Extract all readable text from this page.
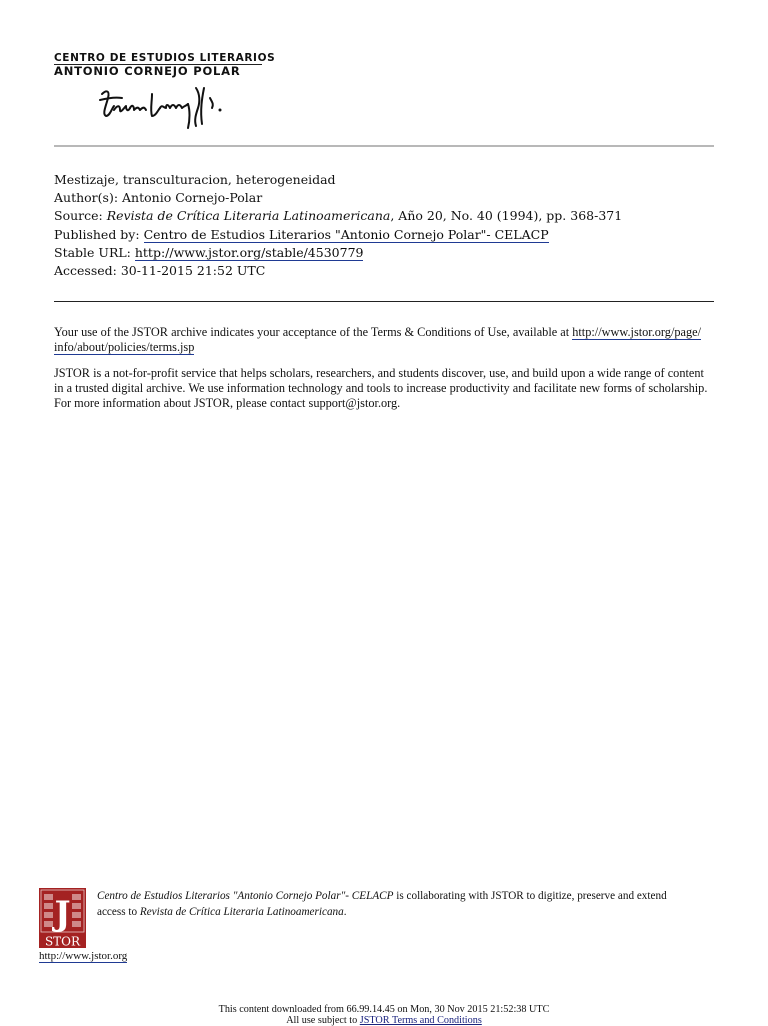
CENTRO DE ESTUDIOS LITERARIOS
ANTONIO CORNEJO POLAR
Mestizaje, transculturacion, heterogeneidad
Author(s): Antonio Cornejo-Polar
Source: Revista de Crítica Literaria Latinoamericana, Año 20, No. 40 (1994), pp. 368-371
Published by: Centro de Estudios Literarios "Antonio Cornejo Polar"- CELACP
Stable URL: http://www.jstor.org/stable/4530779
Accessed: 30-11-2015 21:52 UTC
Your use of the JSTOR archive indicates your acceptance of the Terms & Conditions of Use, available at http://www.jstor.org/page/
info/about/policies/terms.jsp
JSTOR is a not-for-profit service that helps scholars, researchers, and students discover, use, and build upon a wide range of content
in a trusted digital archive. We use information technology and tools to increase productivity and facilitate new forms of scholarship.
For more information about JSTOR, please contact support@jstor.org.
J
STOR
Centro de Estudios Literarios "Antonio Cornejo Polar"- CELACP is collaborating with JSTOR to digitize, preserve and extend
access to Revista de Crítica Literaria Latinoamericana.
http://www.jstor.org
This content downloaded from 66.99.14.45 on Mon, 30 Nov 2015 21:52:38 UTC
All use subject to JSTOR Terms and Conditions
